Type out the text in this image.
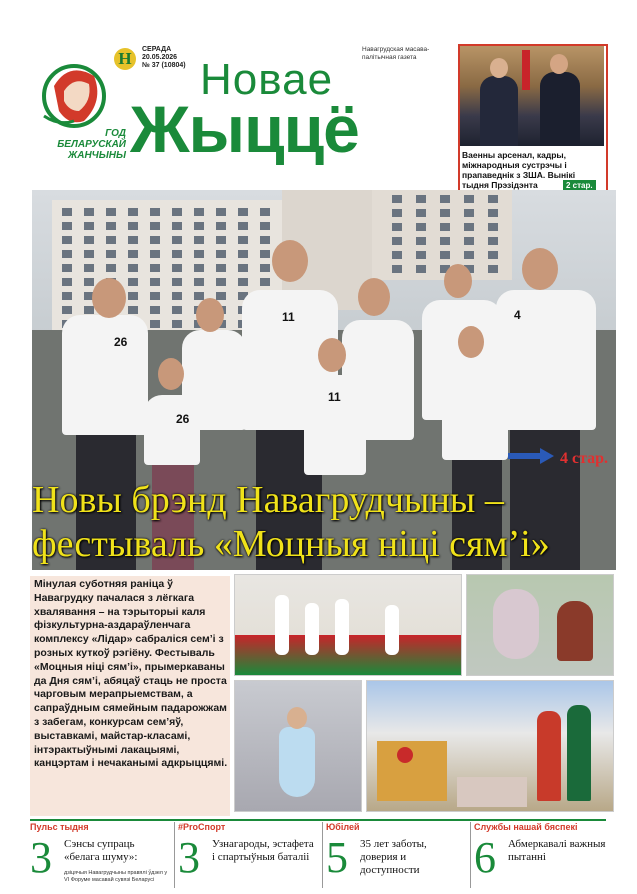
ГОД БЕЛАРУСКАЙ ЖАНЧЫНЫ
Н	СЕРАДА
20.05.2026
№ 37 (10804)
Навагрудская масава-палітычная газета
Новае
Жыццё	Ваенны арсенал, кадры, міжнародныя сустрэчы і прапаведнік з ЗША. Вынікі тыдня Прэзідэнта	2 стар.
26
26
11
11
4
4 стар.
Новы брэнд Навагрудчыны – фестываль «Моцныя ніці сям’і»
Мінулая суботняя раніца ў Навагрудку пачалася з лёгкага хвалявання – на тэрыторыі каля фізкультурна-аздараўленчага комплексу «Лідар» сабраліся сем’і з розных куткоў рэгіёну. Фестываль «Моцныя ніці сям’і», прымеркаваны да Дня сям’і, абяцаў стаць не проста чарговым мерапрыемствам, а сапраўдным сямейным падарожжам з забегам, конкурсам сем’яў, выставкамі, майстар-класамі, інтэрактыўнымі лакацыямі, канцэртам і нечаканымі адкрыццямі.
Пульс тыдня
3 Сэнсы супраць «белага шуму»:
дзіцячыя Навагрудчыны правялі ўдзел у VI Форуме масавай сувязі Беларусі
#ProСпорт
3 Узнагароды, эстафета і спартыўныя баталіі
Юбілей
5 35 лет заботы, доверия и доступности
Службы нашай бяспекі
6 Абмеркавалі важныя пытанні
